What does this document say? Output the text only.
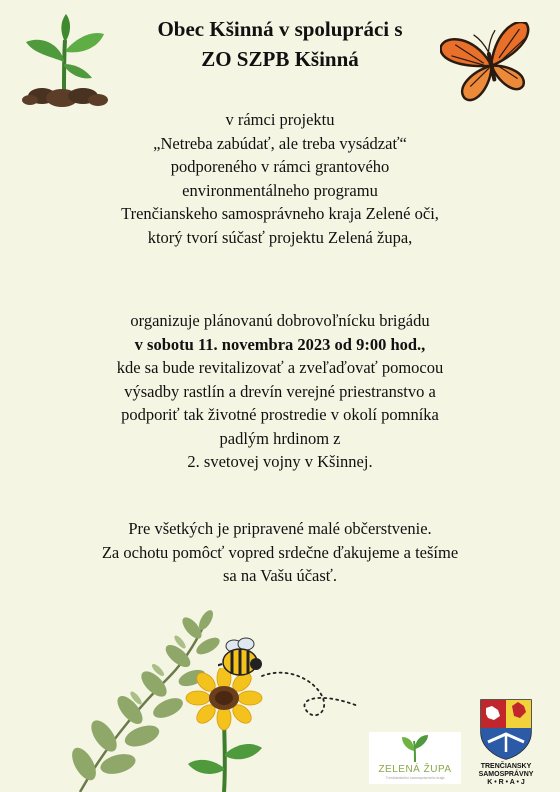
Obec Kšinná v spolupráci s
ZO SZPB Kšinná
v rámci projektu
„Netreba zabúdať, ale treba vysádzať“
podporeného v rámci grantového
environmentálneho programu
Trenčianskeho samosprávneho kraja Zelené oči,
ktorý tvorí súčasť projektu Zelená župa,
organizuje plánovanú dobrovoľnícku brigádu
v sobotu 11. novembra 2023 od 9:00 hod.,
kde sa bude revitalizovať a zveľaďovať pomocou
výsadby rastlín a drevín verejné priestranstvo a
podporiť tak životné prostredie v okolí pomníka
padlým hrdinom z
2. svetovej vojny v Kšinnej.
Pre všetkých je pripravené malé občerstvenie.
Za ochotu pomôcť vopred srdečne ďakujeme a tešíme
sa na Vašu účasť.
ZELENÁ ŽUPA
Trenčianskeho samosprávneho kraja
TRENČIANSKY
SAMOSPRÁVNY
K • R • A • J
